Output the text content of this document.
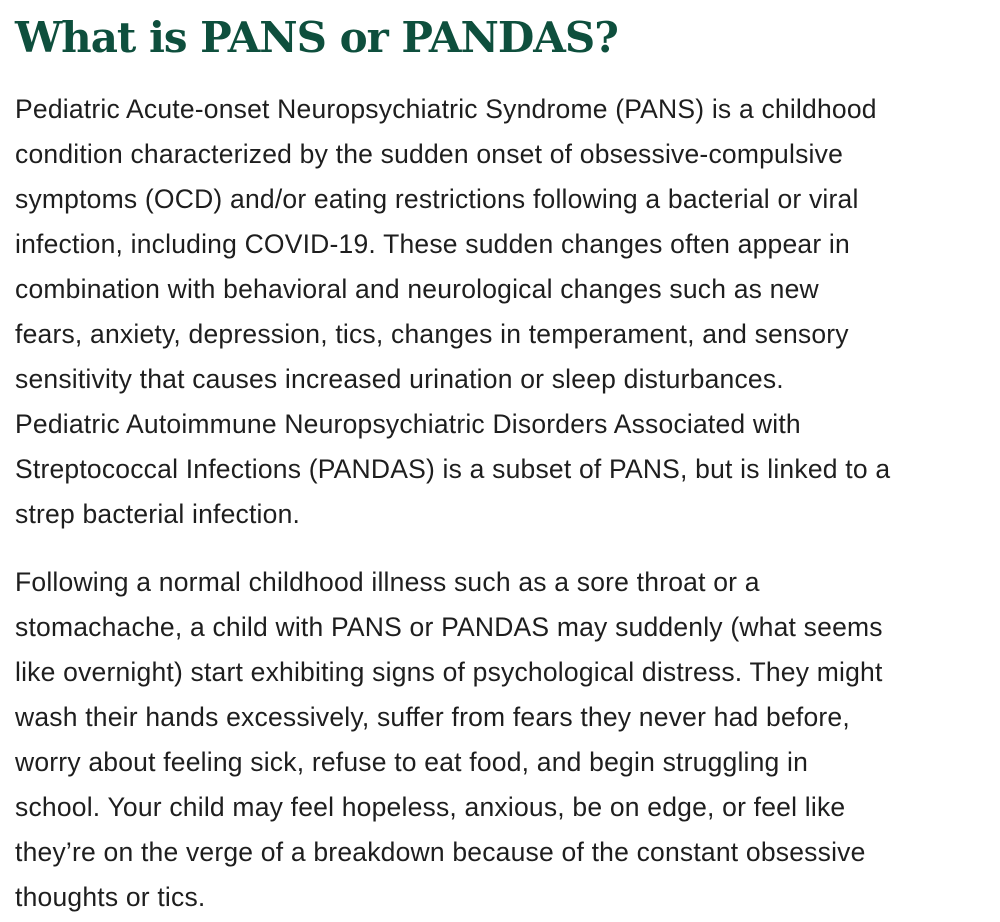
What is PANS or PANDAS?

Pediatric Acute-onset Neuropsychiatric Syndrome (PANS) is a childhood
condition characterized by the sudden onset of obsessive-compulsive
symptoms (OCD) and/or eating restrictions following a bacterial or viral
infection, including COVID-19. These sudden changes often appear in
combination with behavioral and neurological changes such as new
fears, anxiety, depression, tics, changes in temperament, and sensory
sensitivity that causes increased urination or sleep disturbances.
Pediatric Autoimmune Neuropsychiatric Disorders Associated with
Streptococcal Infections (PANDAS) is a subset of PANS, but is linked to a
strep bacterial infection.

Following a normal childhood illness such as a sore throat or a
stomachache, a child with PANS or PANDAS may suddenly (what seems
like overnight) start exhibiting signs of psychological distress. They might
wash their hands excessively, suffer from fears they never had before,
worry about feeling sick, refuse to eat food, and begin struggling in
school. Your child may feel hopeless, anxious, be on edge, or feel like
they’re on the verge of a breakdown because of the constant obsessive
thoughts or tics.
